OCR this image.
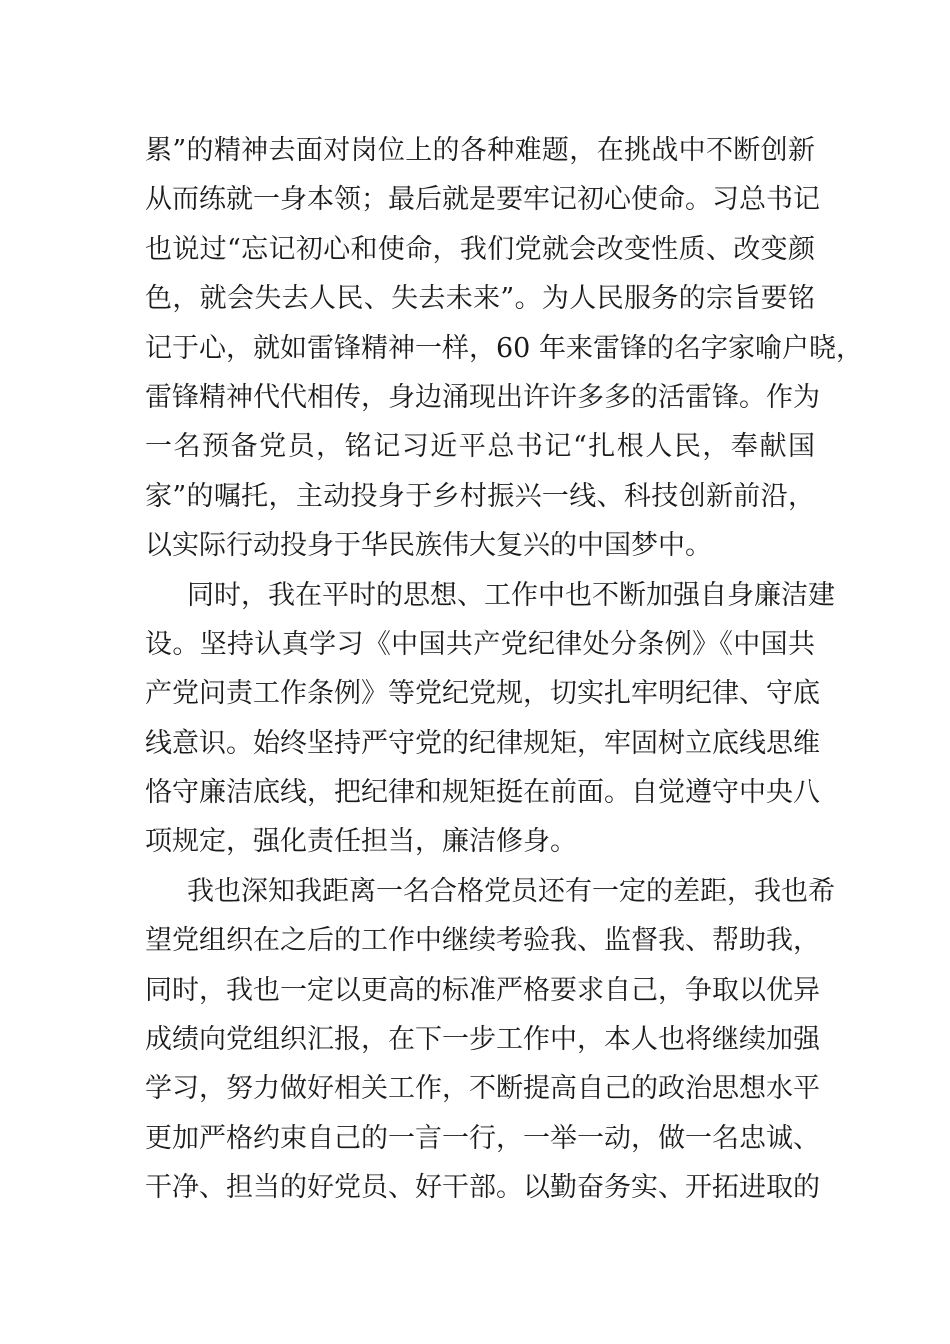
累”的精神去面对岗位上的各种难题，在挑战中不断创新
从而练就一身本领；最后就是要牢记初心使命。习总书记
也说过“忘记初心和使命，我们党就会改变性质、改变颜
色，就会失去人民、失去未来”。为人民服务的宗旨要铭
记于心，就如雷锋精神一样，60 年来雷锋的名字家喻户晓，
雷锋精神代代相传，身边涌现出许许多多的活雷锋。作为
一名预备党员，铭记习近平总书记“扎根人民，奉献国
家”的嘱托，主动投身于乡村振兴一线、科技创新前沿，
以实际行动投身于华民族伟大复兴的中国梦中。
同时，我在平时的思想、工作中也不断加强自身廉洁建
设。坚持认真学习《中国共产党纪律处分条例》《中国共
产党问责工作条例》等党纪党规，切实扎牢明纪律、守底
线意识。始终坚持严守党的纪律规矩，牢固树立底线思维
恪守廉洁底线，把纪律和规矩挺在前面。自觉遵守中央八
项规定，强化责任担当，廉洁修身。
我也深知我距离一名合格党员还有一定的差距，我也希
望党组织在之后的工作中继续考验我、监督我、帮助我，
同时，我也一定以更高的标准严格要求自己，争取以优异
成绩向党组织汇报，在下一步工作中，本人也将继续加强
学习，努力做好相关工作，不断提高自己的政治思想水平
更加严格约束自己的一言一行，一举一动，做一名忠诚、
干净、担当的好党员、好干部。以勤奋务实、开拓进取的
